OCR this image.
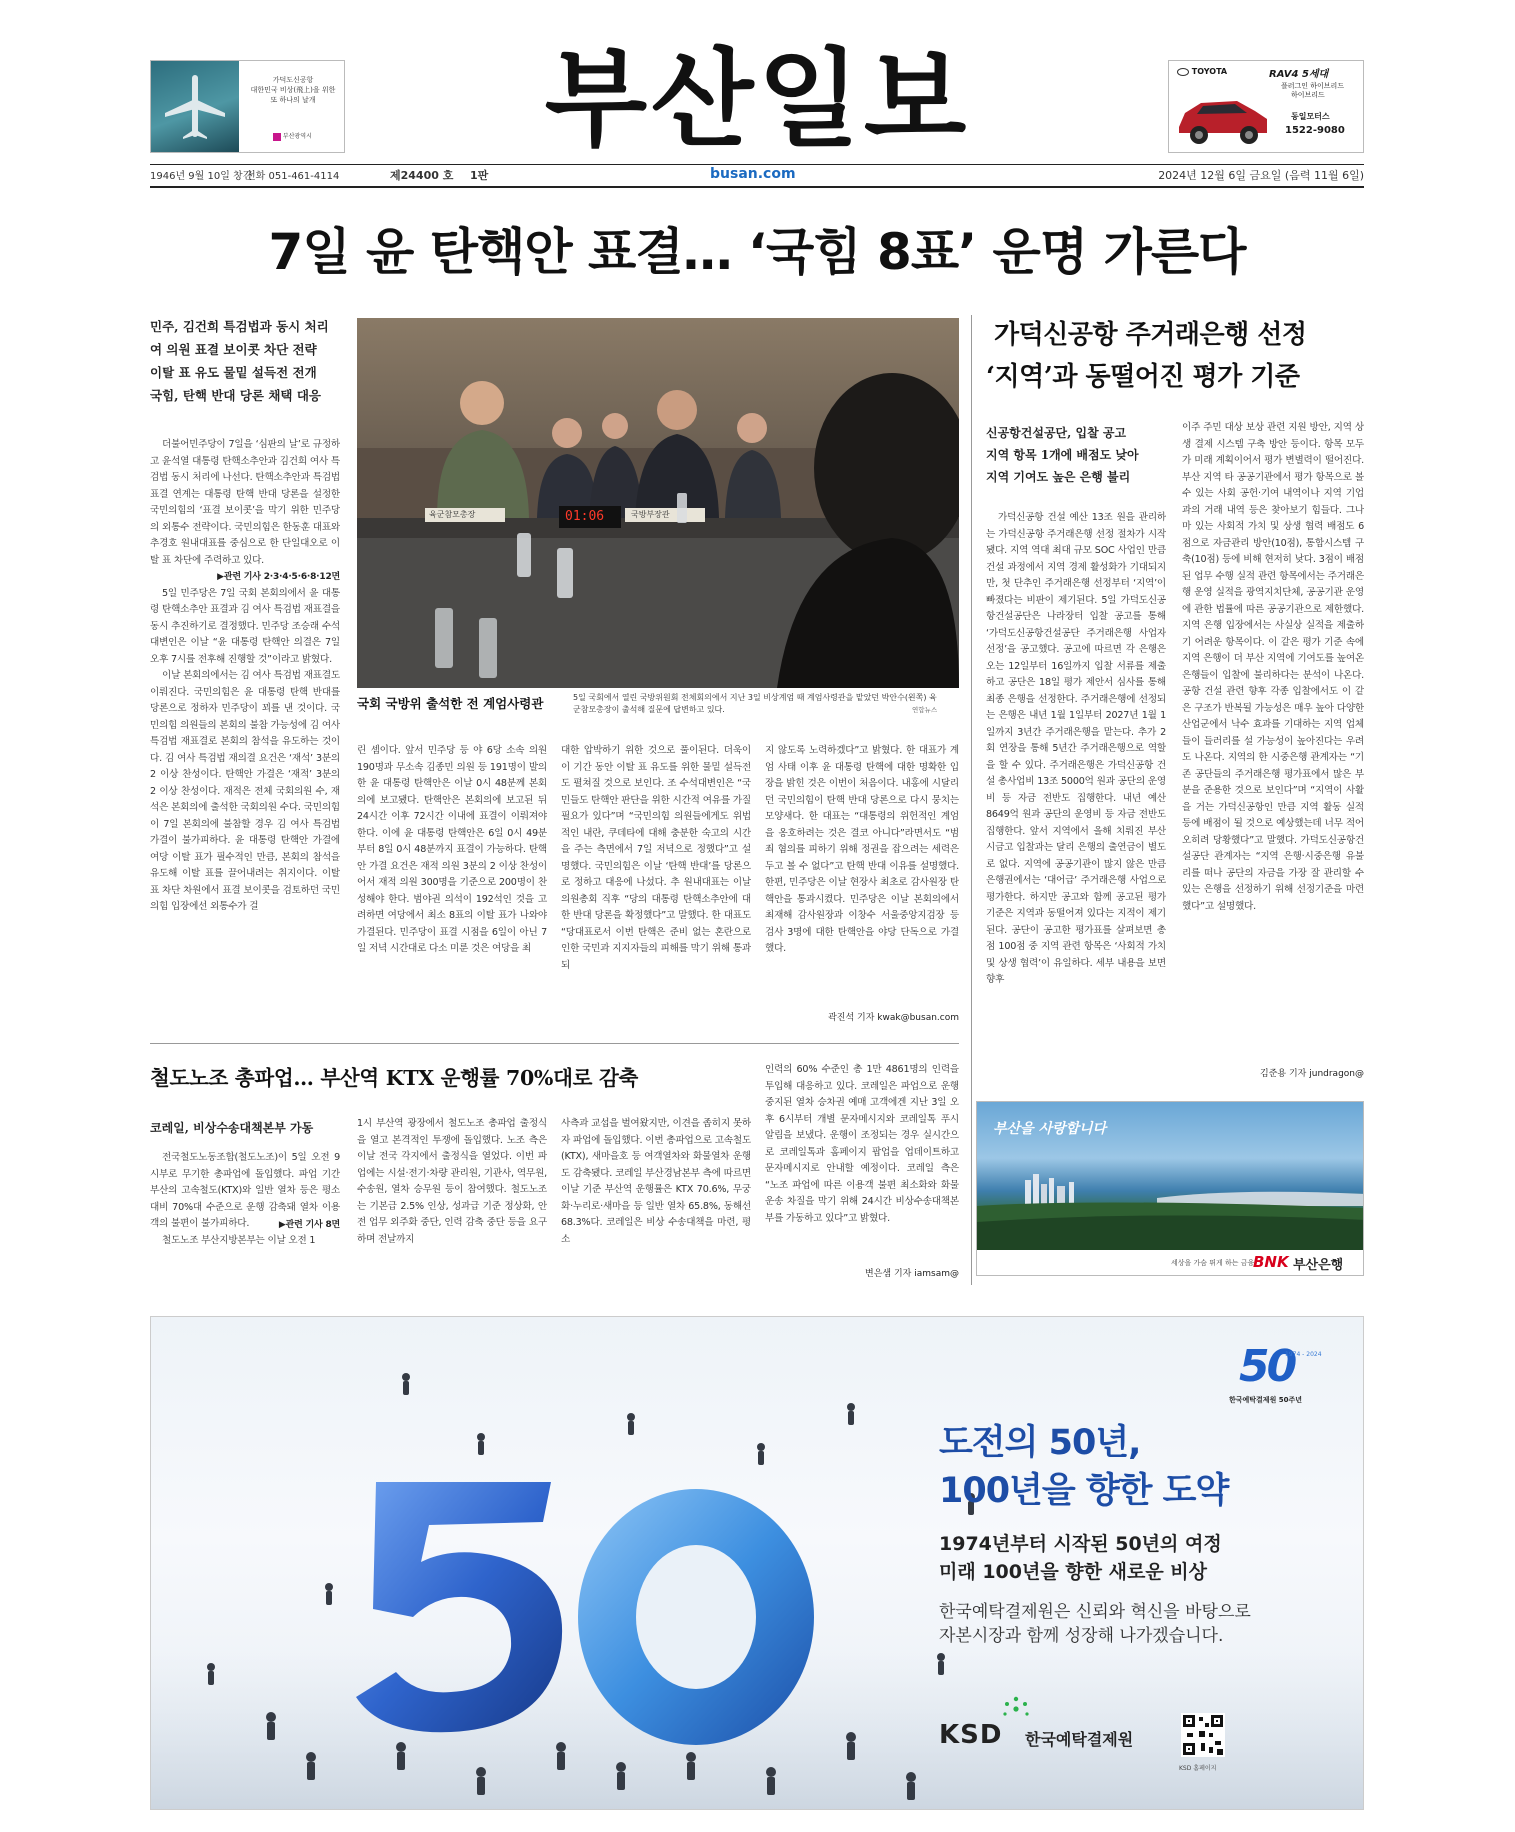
가덕도신공항
대한민국 비상(飛上)을 위한
또 하나의 날개
부산광역시	부산일보	TOYOTA	RAV4 5세대
플러그인 하이브리드
하이브리드
동일모터스
1522-9080
1946년 9월 10일 창간
전화 051-461-4114	제24400 호 1판	busan.com	2024년 12월 6일 금요일 (음력 11월 6일)
7일 윤 탄핵안 표결… ‘국힘 8표’ 운명 가른다
민주, 김건희 특검법과 동시 처리
여 의원 표결 보이콧 차단 전략
이탈 표 유도 물밑 설득전 전개
국힘, 탄핵 반대 당론 채택 대응

더불어민주당이 7일을 ‘심판의 날’로 규정하고 윤석열 대통령 탄핵소추안과 김건희 여사 특검법 동시 처리에 나선다. 탄핵소추안과 특검법 표결 연계는 대통령 탄핵 반대 당론을 설정한 국민의힘의 ‘표결 보이콧’을 막기 위한 민주당의 외통수 전략이다. 국민의힘은 한동훈 대표와 추경호 원내대표를 중심으로 한 단일대오로 이탈 표 차단에 주력하고 있다.

▶관련 기사 2·3·4·5·6·8·12면

5일 민주당은 7일 국회 본회의에서 윤 대통령 탄핵소추안 표결과 김 여사 특검법 재표결을 동시 추진하기로 결정했다. 민주당 조승래 수석대변인은 이날 “윤 대통령 탄핵안 의결은 7일 오후 7시를 전후해 진행할 것”이라고 밝혔다.

이날 본회의에서는 김 여사 특검법 재표결도 이뤄진다. 국민의힘은 윤 대통령 탄핵 반대를 당론으로 정하자 민주당이 꾀를 낸 것이다. 국민의힘 의원들의 본회의 불참 가능성에 김 여사 특검법 재표결로 본회의 참석을 유도하는 것이다. 김 여사 특검법 재의결 요건은 ‘재석’ 3분의 2 이상 찬성이다. 탄핵안 가결은 ‘재적’ 3분의 2 이상 찬성이다. 재적은 전체 국회의원 수, 재석은 본회의에 출석한 국회의원 수다. 국민의힘이 7일 본회의에 불참할 경우 김 여사 특검법 가결이 불가피하다. 윤 대통령 탄핵안 가결에 여당 이탈 표가 필수적인 만큼, 본회의 참석을 유도해 이탈 표를 끌어내려는 취지이다. 이탈 표 차단 차원에서 표결 보이콧을 검토하던 국민의힘 입장에선 외통수가 걸

육군참모총장	01:06	국방부장관
국회 국방위 출석한 전 계엄사령관	5일 국회에서 열린 국방위원회 전체회의에서 지난 3일 비상계엄 때 계엄사령관을 맡았던 박안수(왼쪽) 육군참모총장이 출석해 질문에 답변하고 있다.	연합뉴스

린 셈이다. 앞서 민주당 등 야 6당 소속 의원 190명과 무소속 김종민 의원 등 191명이 발의한 윤 대통령 탄핵안은 이날 0시 48분께 본회의에 보고됐다. 탄핵안은 본회의에 보고된 뒤 24시간 이후 72시간 이내에 표결이 이뤄져야 한다. 이에 윤 대통령 탄핵안은 6일 0시 49분부터 8일 0시 48분까지 표결이 가능하다. 탄핵안 가결 요건은 재적 의원 3분의 2 이상 찬성이어서 재적 의원 300명을 기준으로 200명이 찬성해야 한다. 범야권 의석이 192석인 것을 고려하면 여당에서 최소 8표의 이탈 표가 나와야 가결된다. 민주당이 표결 시점을 6일이 아닌 7일 저녁 시간대로 다소 미룬 것은 여당을 최

대한 압박하기 위한 것으로 풀이된다. 더욱이 이 기간 동안 이탈 표 유도를 위한 물밑 설득전도 펼쳐질 것으로 보인다. 조 수석대변인은 “국민들도 탄핵안 판단을 위한 시간적 여유를 가질 필요가 있다”며 “국민의힘 의원들에게도 위법적인 내란, 쿠데타에 대해 충분한 숙고의 시간을 주는 측면에서 7일 저녁으로 정했다”고 설명했다. 국민의힘은 이날 ‘탄핵 반대’를 당론으로 정하고 대응에 나섰다. 추 원내대표는 이날 의원총회 직후 “당의 대통령 탄핵소추안에 대한 반대 당론을 확정했다”고 말했다. 한 대표도 “당대표로서 이번 탄핵은 준비 없는 혼란으로 인한 국민과 지지자들의 피해를 막기 위해 통과되

지 않도록 노력하겠다”고 밝혔다. 한 대표가 계엄 사태 이후 윤 대통령 탄핵에 대한 명확한 입장을 밝힌 것은 이번이 처음이다. 내홍에 시달리던 국민의힘이 탄핵 반대 당론으로 다시 뭉치는 모양새다. 한 대표는 “대통령의 위헌적인 계엄을 옹호하려는 것은 결코 아니다”라면서도 “범죄 혐의를 피하기 위해 정권을 잡으려는 세력은 두고 볼 수 없다”고 탄핵 반대 이유를 설명했다. 한편, 민주당은 이날 현장사 최초로 감사원장 탄핵안을 통과시켰다. 민주당은 이날 본회의에서 최재해 감사원장과 이창수 서울중앙지검장 등 검사 3명에 대한 탄핵안을 야당 단독으로 가결했다.

곽진석 기자 kwak@busan.com
가덕신공항 주거래은행 선정
‘지역’과 동떨어진 평가 기준
신공항건설공단, 입찰 공고
지역 항목 1개에 배점도 낮아
지역 기여도 높은 은행 불리

가덕신공항 건설 예산 13조 원을 관리하는 가덕신공항 주거래은행 선정 절차가 시작됐다. 지역 역대 최대 규모 SOC 사업인 만큼 건설 과정에서 지역 경제 활성화가 기대되지만, 첫 단추인 주거래은행 선정부터 ‘지역’이 빠졌다는 비판이 제기된다. 5일 가덕도신공항건설공단은 나라장터 입찰 공고를 통해 ‘가덕도신공항건설공단 주거래은행 사업자 선정’을 공고했다. 공고에 따르면 각 은행은 오는 12일부터 16일까지 입찰 서류를 제출하고 공단은 18일 평가 제안서 심사를 통해 최종 은행을 선정한다. 주거래은행에 선정되는 은행은 내년 1월 1일부터 2027년 1월 1일까지 3년간 주거래은행을 맡는다. 추가 2회 연장을 통해 5년간 주거래은행으로 역할을 할 수 있다. 주거래은행은 가덕신공항 건설 총사업비 13조 5000억 원과 공단의 운영비 등 자금 전반도 집행한다. 내년 예산 8649억 원과 공단의 운영비 등 자금 전반도 집행한다. 앞서 지역에서 올해 치뤄진 부산시금고 입찰과는 달리 은행의 출연금이 별도로 없다. 지역에 공공기관이 많지 않은 만큼 은행권에서는 ‘대어급’ 주거래은행 사업으로 평가한다. 하지만 공고와 함께 공고된 평가 기준은 지역과 동떨어져 있다는 지적이 제기된다. 공단이 공고한 평가표를 살펴보면 총점 100점 중 지역 관련 항목은 ‘사회적 가치 및 상생 협력’이 유일하다. 세부 내용을 보면 향후

이주 주민 대상 보상 관련 지원 방안, 지역 상생 결제 시스템 구축 방안 등이다. 항목 모두가 미래 계획이어서 평가 변별력이 떨어진다. 부산 지역 타 공공기관에서 평가 항목으로 볼 수 있는 사회 공헌·기여 내역이나 지역 기업과의 거래 내역 등은 찾아보기 힘들다. 그나마 있는 사회적 가치 및 상생 협력 배점도 6점으로 자금관리 방안(10점), 통합시스템 구축(10점) 등에 비해 현저히 낮다. 3점이 배점된 업무 수행 실적 관련 항목에서는 주거래은행 운영 실적을 광역지치단체, 공공기관 운영에 관한 법률에 따른 공공기관으로 제한했다. 지역 은행 입장에서는 사실상 실적을 제출하기 어려운 항목이다. 이 같은 평가 기준 속에 지역 은행이 더 부산 지역에 기여도를 높여온 은행들이 입찰에 불리하다는 분석이 나온다. 공항 건설 관련 향후 각종 입찰에서도 이 같은 구조가 반복될 가능성은 매우 높아 다양한 산업군에서 낙수 효과를 기대하는 지역 업체들이 들러리를 설 가능성이 높아진다는 우려도 나온다. 지역의 한 시중은행 관계자는 “기존 공단들의 주거래은행 평가표에서 많은 부분을 준용한 것으로 보인다”며 “지역이 사활을 거는 가덕신공항인 만큼 지역 활동 실적 등에 배점이 될 것으로 예상했는데 너무 적어 오히려 당황했다”고 말했다. 가덕도신공항건설공단 관계자는 “지역 은행·시중은행 유불리를 떠나 공단의 자금을 가장 잘 관리할 수 있는 은행을 선정하기 위해 선정기준을 마련했다”고 설명했다.

김준용 기자 jundragon@
철도노조 총파업… 부산역 KTX 운행률 70%대로 감축
코레일, 비상수송대책본부 가동

전국철도노동조합(철도노조)이 5일 오전 9시부로 무기한 총파업에 돌입했다. 파업 기간 부산의 고속철도(KTX)와 일반 열차 등은 평소 대비 70%대 수준으로 운행 감축돼 열차 이용객의 불편이 불가피하다.	▶관련 기사 8면

철도노조 부산지방본부는 이날 오전 1

1시 부산역 광장에서 철도노조 총파업 출정식을 열고 본격적인 투쟁에 돌입했다. 노조 측은 이날 전국 각지에서 출정식을 열었다. 이번 파업에는 시설·전기·차량 관리원, 기관사, 역무원, 수송원, 열차 승무원 등이 참여했다. 철도노조는 기본급 2.5% 인상, 성과급 기준 정상화, 안전 업무 외주화 중단, 인력 감축 중단 등을 요구하며 전날까지

사측과 교섭을 벌여왔지만, 이견을 좁히지 못하자 파업에 돌입했다. 이번 총파업으로 고속철도(KTX), 새마을호 등 여객열차와 화물열차 운행도 감축됐다. 코레일 부산경남본부 측에 따르면 이날 기준 부산역 운행률은 KTX 70.6%, 무궁화·누리로·새마을 등 일반 열차 65.8%, 동해선 68.3%다. 코레일은 비상 수송대책을 마련, 평소

인력의 60% 수준인 총 1만 4861명의 인력을 투입해 대응하고 있다. 코레일은 파업으로 운행 중지된 열차 승차권 예매 고객에겐 지난 3일 오후 6시부터 개별 문자메시지와 코레일톡 푸시 알림을 보냈다. 운행이 조정되는 경우 실시간으로 코레일톡과 홈페이지 팝업을 업데이트하고 문자메시지로 안내할 예정이다. 코레일 측은 “노조 파업에 따른 이용객 불편 최소화와 화물 운송 차질을 막기 위해 24시간 비상수송대책본부를 가동하고 있다”고 밝혔다.

변은샘 기자 iamsam@
부산을 사랑합니다
세상을 가슴 뛰게 하는 금융
BNK 부산은행
50
1974 - 2024
한국예탁결제원 50주년
도전의 50년,
100년을 향한 도약
1974년부터 시작된 50년의 여정
미래 100년을 향한 새로운 비상
한국예탁결제원은 신뢰와 혁신을 바탕으로
자본시장과 함께 성장해 나가겠습니다.
KSD 한국예탁결제원
KSD 홈페이지
